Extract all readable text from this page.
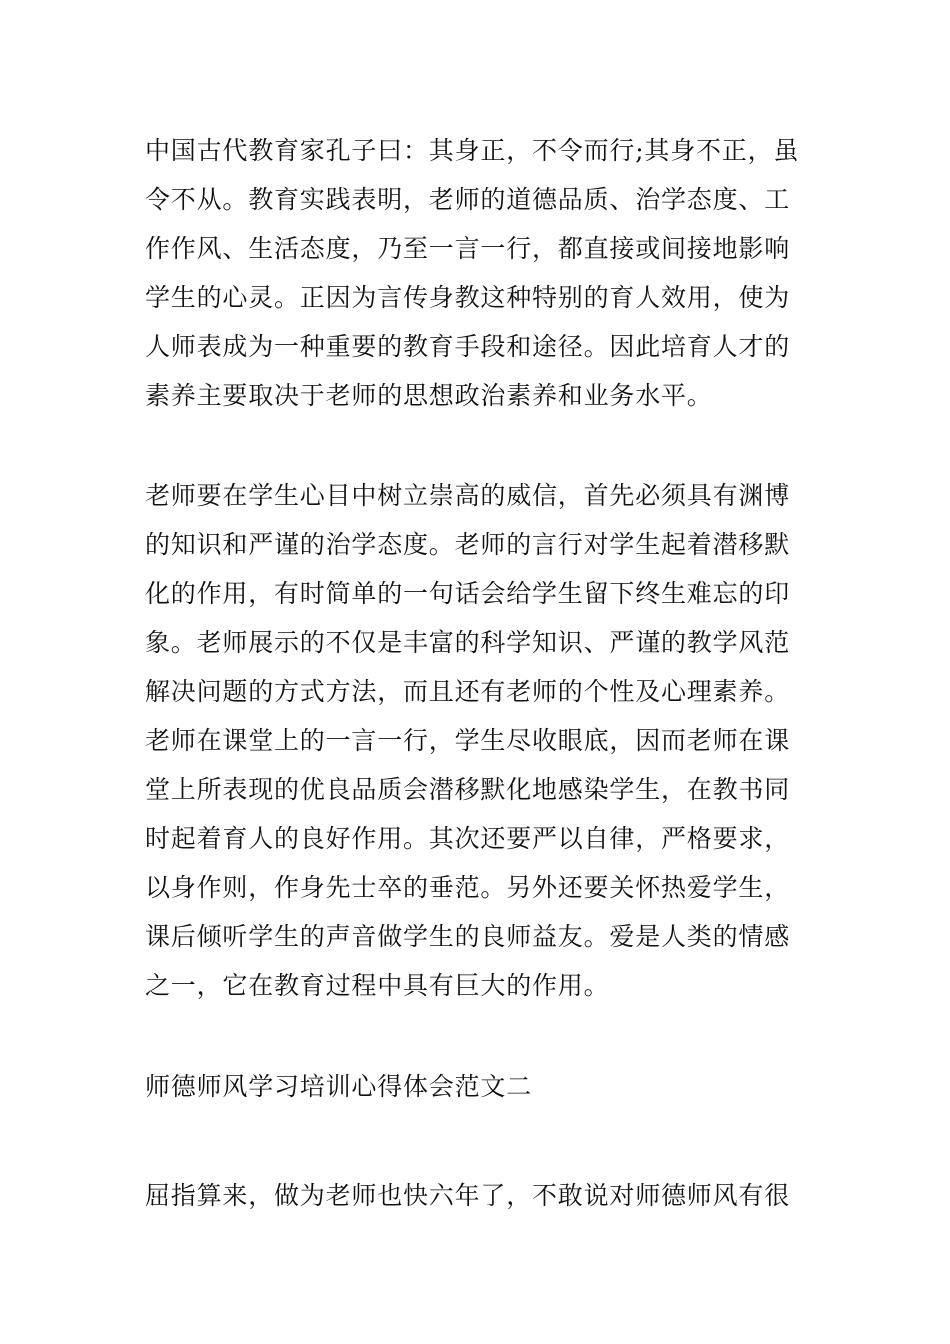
中国古代教育家孔子曰：其身正，不令而行;其身不正，虽
令不从。教育实践表明，老师的道德品质、治学态度、工
作作风、生活态度，乃至一言一行，都直接或间接地影响
学生的心灵。正因为言传身教这种特别的育人效用，使为
人师表成为一种重要的教育手段和途径。因此培育人才的
素养主要取决于老师的思想政治素养和业务水平。
老师要在学生心目中树立崇高的威信，首先必须具有渊博
的知识和严谨的治学态度。老师的言行对学生起着潜移默
化的作用，有时简单的一句话会给学生留下终生难忘的印
象。老师展示的不仅是丰富的科学知识、严谨的教学风范
解决问题的方式方法，而且还有老师的个性及心理素养。
老师在课堂上的一言一行，学生尽收眼底，因而老师在课
堂上所表现的优良品质会潜移默化地感染学生，在教书同
时起着育人的良好作用。其次还要严以自律，严格要求，
以身作则，作身先士卒的垂范。另外还要关怀热爱学生，
课后倾听学生的声音做学生的良师益友。爱是人类的情感
之一，它在教育过程中具有巨大的作用。
师德师风学习培训心得体会范文二
屈指算来，做为老师也快六年了，不敢说对师德师风有很
